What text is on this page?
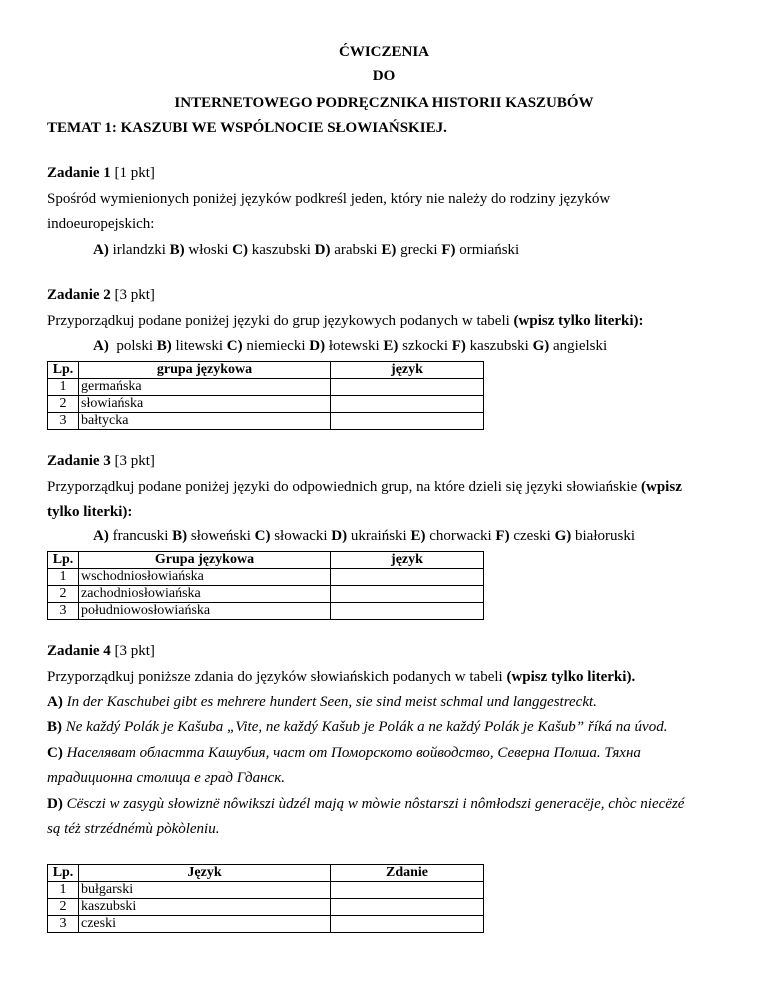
ĆWICZENIA
DO
INTERNETOWEGO PODRĘCZNIKA HISTORII KASZUBÓW
TEMAT 1: KASZUBI WE WSPÓLNOCIE SŁOWIAŃSKIEJ.
Zadanie 1 [1 pkt]
Spośród wymienionych poniżej języków podkreśl jeden, który nie należy do rodziny języków
indoeuropejskich:
A) irlandzki B) włoski C) kaszubski D) arabski E) grecki F) ormiański
Zadanie 2 [3 pkt]
Przyporządkuj podane poniżej języki do grup językowych podanych w tabeli (wpisz tylko literki):
A) polski B) litewski C) niemiecki D) łotewski E) szkocki F) kaszubski G) angielski
Lp.	grupa językowa	język
1	germańska	
2	słowiańska	
3	bałtycka	
Zadanie 3 [3 pkt]
Przyporządkuj podane poniżej języki do odpowiednich grup, na które dzieli się języki słowiańskie (wpisz
tylko literki):
A) francuski B) słoweński C) słowacki D) ukraiński E) chorwacki F) czeski G) białoruski
Lp.	Grupa językowa	język
1	wschodniosłowiańska	
2	zachodniosłowiańska	
3	południowosłowiańska	
Zadanie 4 [3 pkt]
Przyporządkuj poniższe zdania do języków słowiańskich podanych w tabeli (wpisz tylko literki).
A) In der Kaschubei gibt es mehrere hundert Seen, sie sind meist schmal und langgestreckt.
B) Ne každý Polák je Kašuba „Vite, ne každý Kašub je Polák a ne každý Polák je Kašub” říká na úvod.
C) Населяват областта Кашубия, част от Поморското войводство, Северна Полша. Тяхна
традиционна столица е град Гданск.
D) Cësczi w zasygù słowiznë nôwikszi ùdzél mają w mòwie nôstarszi i nômłodszi generacëje, chòc niecëzé
są téż strzédnémù pòkòleniu.
Lp.	Język	Zdanie
1	bułgarski	
2	kaszubski	
3	czeski	
